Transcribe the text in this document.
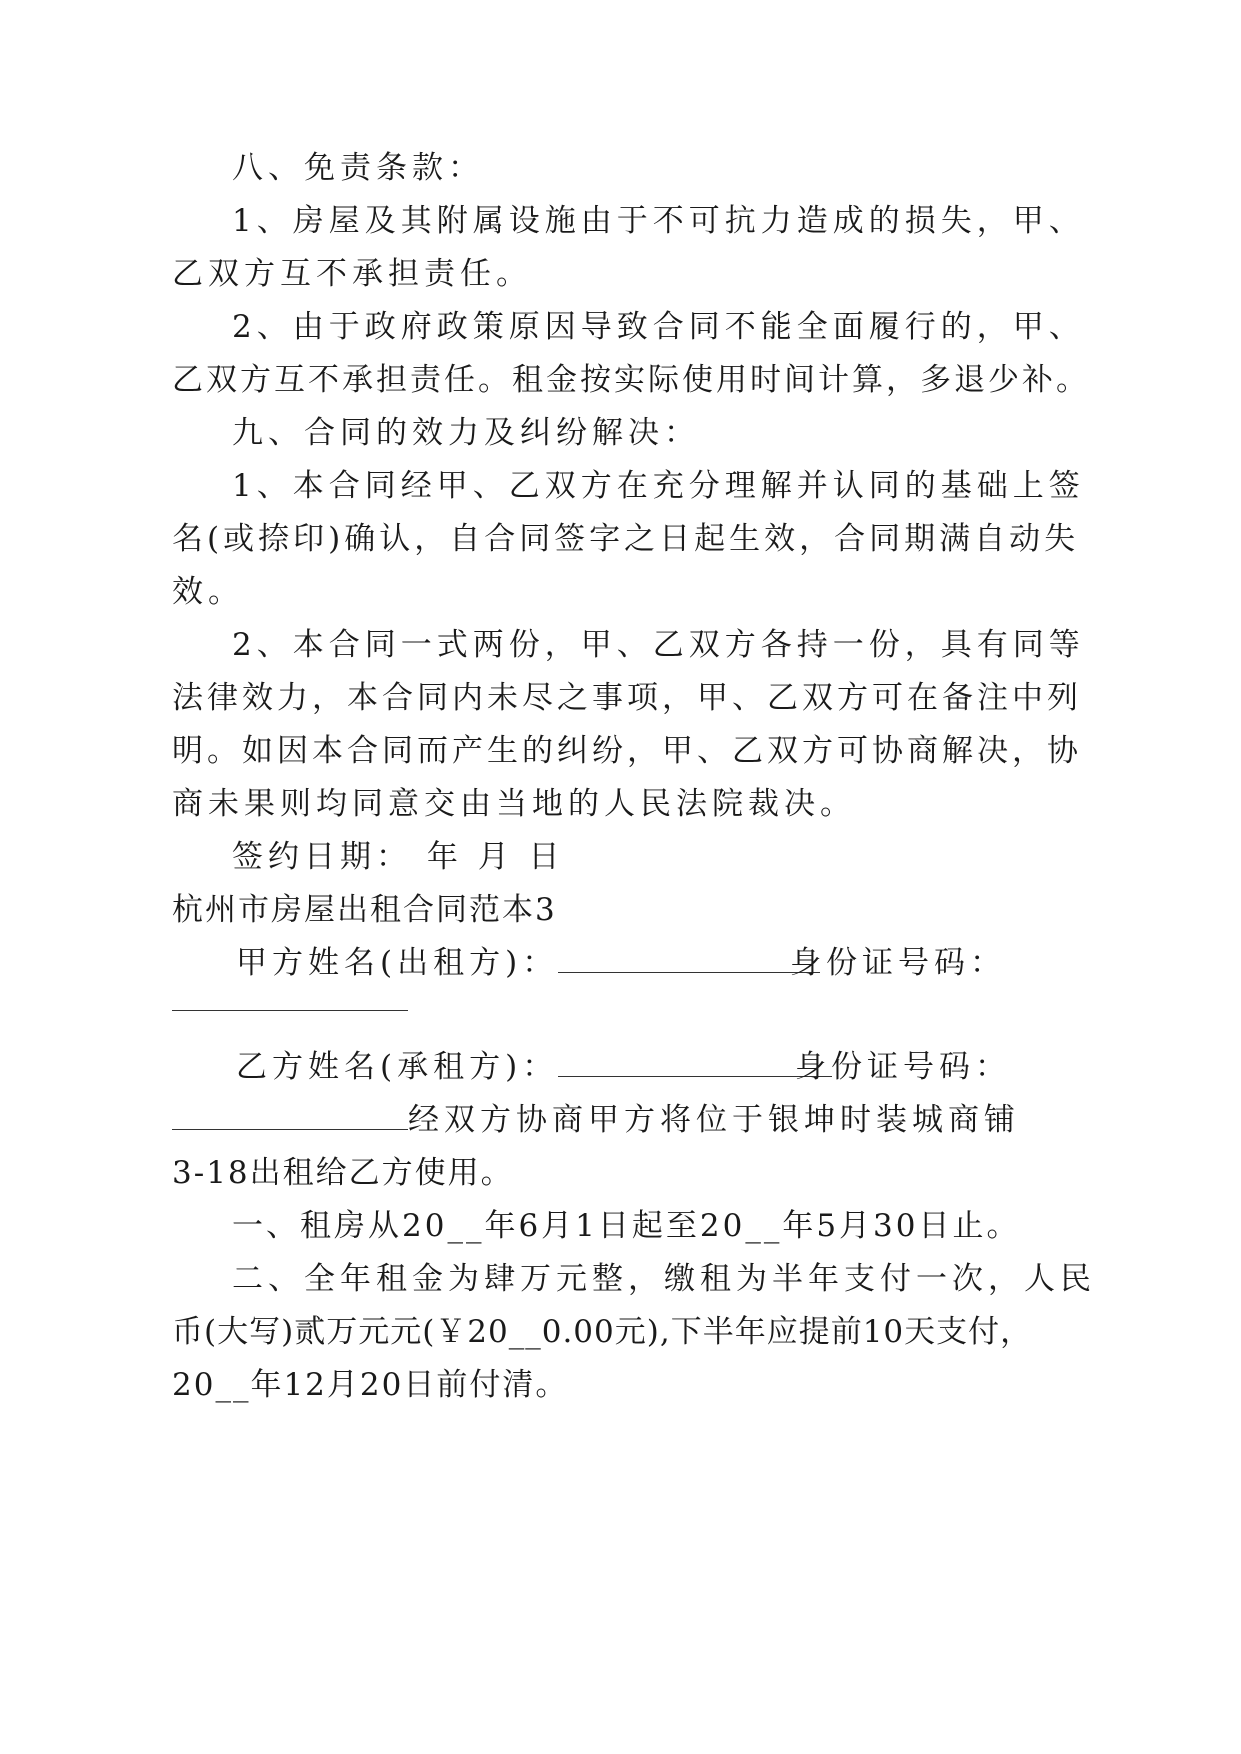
八、免责条款：
1、房屋及其附属设施由于不可抗力造成的损失，甲、
乙双方互不承担责任。
2、由于政府政策原因导致合同不能全面履行的，甲、
乙双方互不承担责任。租金按实际使用时间计算，多退少补。
九、合同的效力及纠纷解决：
1、本合同经甲、乙双方在充分理解并认同的基础上签
名(或捺印)确认，自合同签字之日起生效，合同期满自动失
效。
2、本合同一式两份，甲、乙双方各持一份，具有同等
法律效力，本合同内未尽之事项，甲、乙双方可在备注中列
明。如因本合同而产生的纠纷，甲、乙双方可协商解决，协
商未果则均同意交由当地的人民法院裁决。
签约日期： 年 月 日
杭州市房屋出租合同范本3
甲方姓名(出租方)：	身份证号码：
乙方姓名(承租方)：	身份证号码：
经双方协商甲方将位于银坤时装城商铺
3-18出租给乙方使用。
一、租房从20__年6月1日起至20__年5月30日止。
二、全年租金为肆万元整，缴租为半年支付一次，人民
币(大写)贰万元元(￥20__0.00元),下半年应提前10天支付，
20__年12月20日前付清。
